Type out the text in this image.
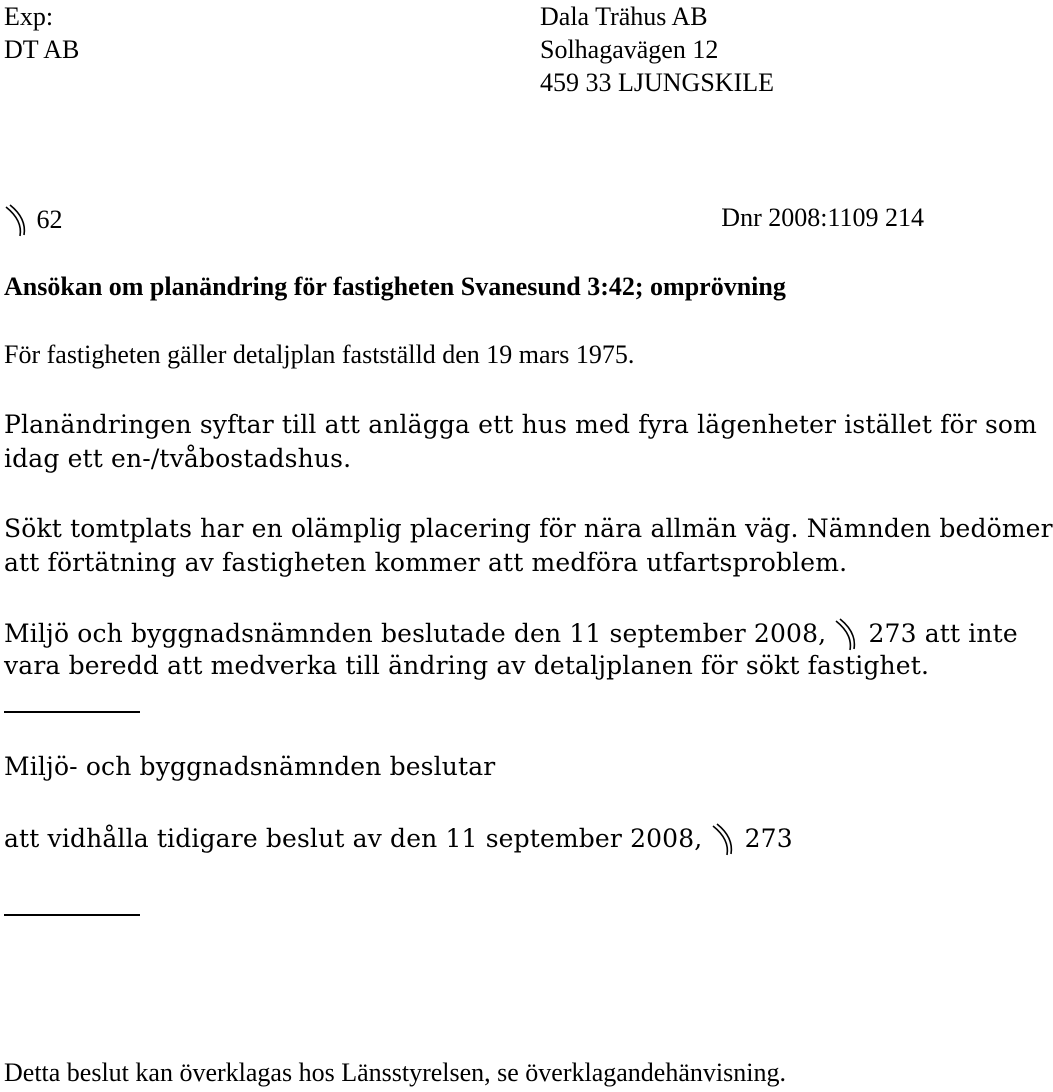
Exp:
DT AB
Dala Trähus AB
Solhagavägen 12
459 33 LJUNGSKILE
62	Dnr 2008:1109 214
Ansökan om planändring för fastigheten Svanesund 3:42; omprövning
För fastigheten gäller detaljplan fastställd den 19 mars 1975.
Planändringen syftar till att anlägga ett hus med fyra lägenheter istället för som
idag ett en-/tvåbostadshus.
Sökt tomtplats har en olämplig placering för nära allmän väg. Nämnden bedömer
att förtätning av fastigheten kommer att medföra utfartsproblem.
Miljö och byggnadsnämnden beslutade den 11 september 2008, 273 att inte
vara beredd att medverka till ändring av detaljplanen för sökt fastighet.
Miljö- och byggnadsnämnden beslutar
att vidhålla tidigare beslut av den 11 september 2008, 273
Detta beslut kan överklagas hos Länsstyrelsen, se överklagandehänvisning.
